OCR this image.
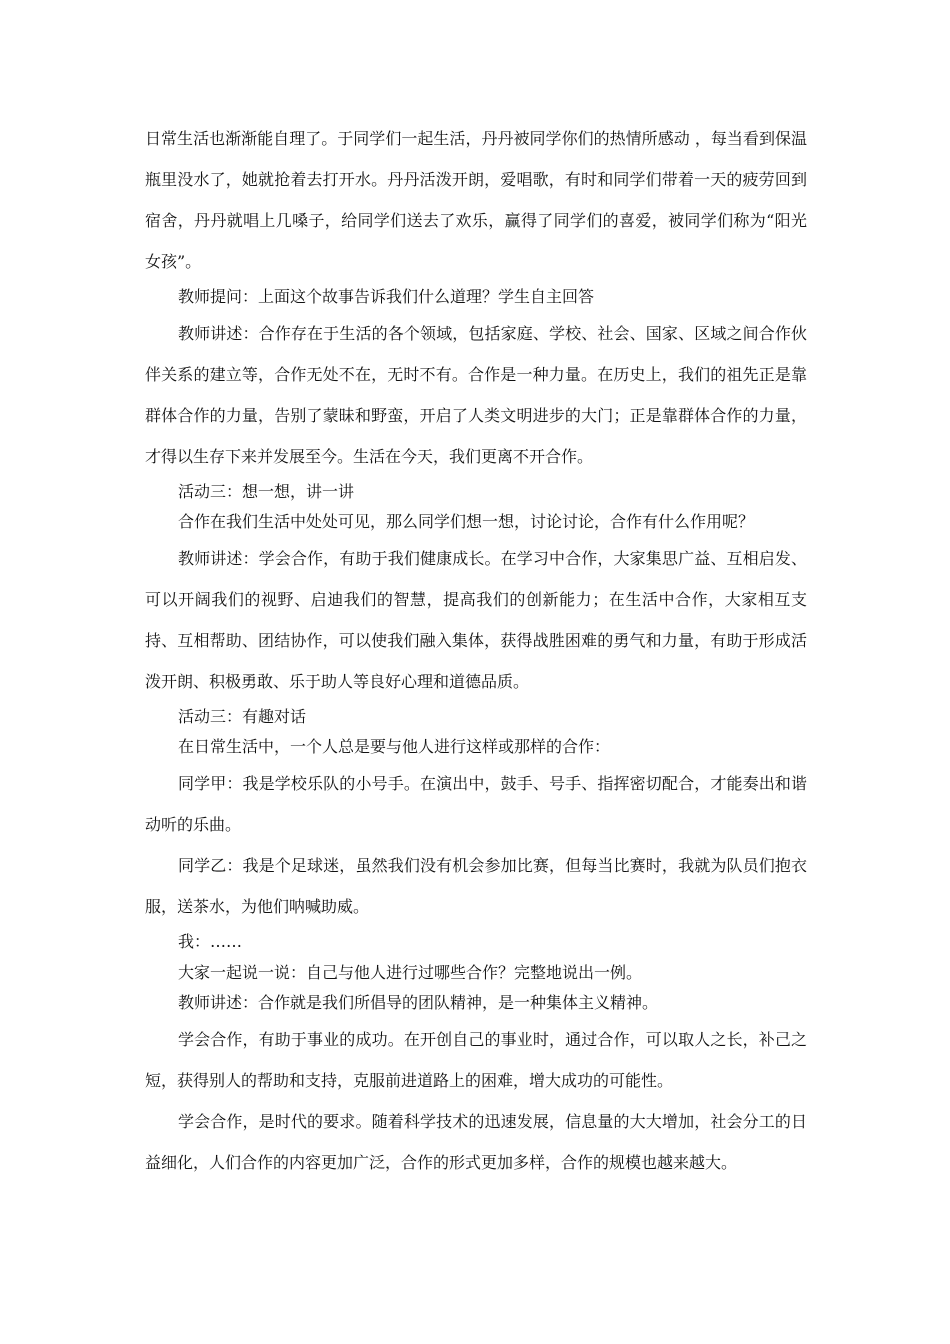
日常生活也渐渐能自理了。于同学们一起生活，丹丹被同学你们的热情所感动 ，每当看到保温瓶里没水了，她就抢着去打开水。丹丹活泼开朗，爱唱歌，有时和同学们带着一天的疲劳回到宿舍，丹丹就唱上几嗓子，给同学们送去了欢乐，赢得了同学们的喜爱，被同学们称为“阳光女孩”。

教师提问：上面这个故事告诉我们什么道理？学生自主回答

教师讲述：合作存在于生活的各个领域，包括家庭、学校、社会、国家、区域之间合作伙伴关系的建立等，合作无处不在，无时不有。合作是一种力量。在历史上，我们的祖先正是靠群体合作的力量，告别了蒙昧和野蛮，开启了人类文明进步的大门；正是靠群体合作的力量，才得以生存下来并发展至今。生活在今天，我们更离不开合作。

活动三：想一想，讲一讲

合作在我们生活中处处可见，那么同学们想一想，讨论讨论，合作有什么作用呢？

教师讲述：学会合作，有助于我们健康成长。在学习中合作，大家集思广益、互相启发、可以开阔我们的视野、启迪我们的智慧，提高我们的创新能力；在生活中合作，大家相互支持、互相帮助、团结协作，可以使我们融入集体，获得战胜困难的勇气和力量，有助于形成活泼开朗、积极勇敢、乐于助人等良好心理和道德品质。

活动三：有趣对话

在日常生活中，一个人总是要与他人进行这样或那样的合作：

同学甲：我是学校乐队的小号手。在演出中，鼓手、号手、指挥密切配合，才能奏出和谐动听的乐曲。

同学乙：我是个足球迷，虽然我们没有机会参加比赛，但每当比赛时，我就为队员们抱衣服，送茶水，为他们呐喊助威。

我：……

大家一起说一说：自己与他人进行过哪些合作？完整地说出一例。

教师讲述：合作就是我们所倡导的团队精神，是一种集体主义精神。

学会合作，有助于事业的成功。在开创自己的事业时，通过合作，可以取人之长，补己之短，获得别人的帮助和支持，克服前进道路上的困难，增大成功的可能性。

学会合作，是时代的要求。随着科学技术的迅速发展，信息量的大大增加，社会分工的日益细化，人们合作的内容更加广泛，合作的形式更加多样，合作的规模也越来越大。
